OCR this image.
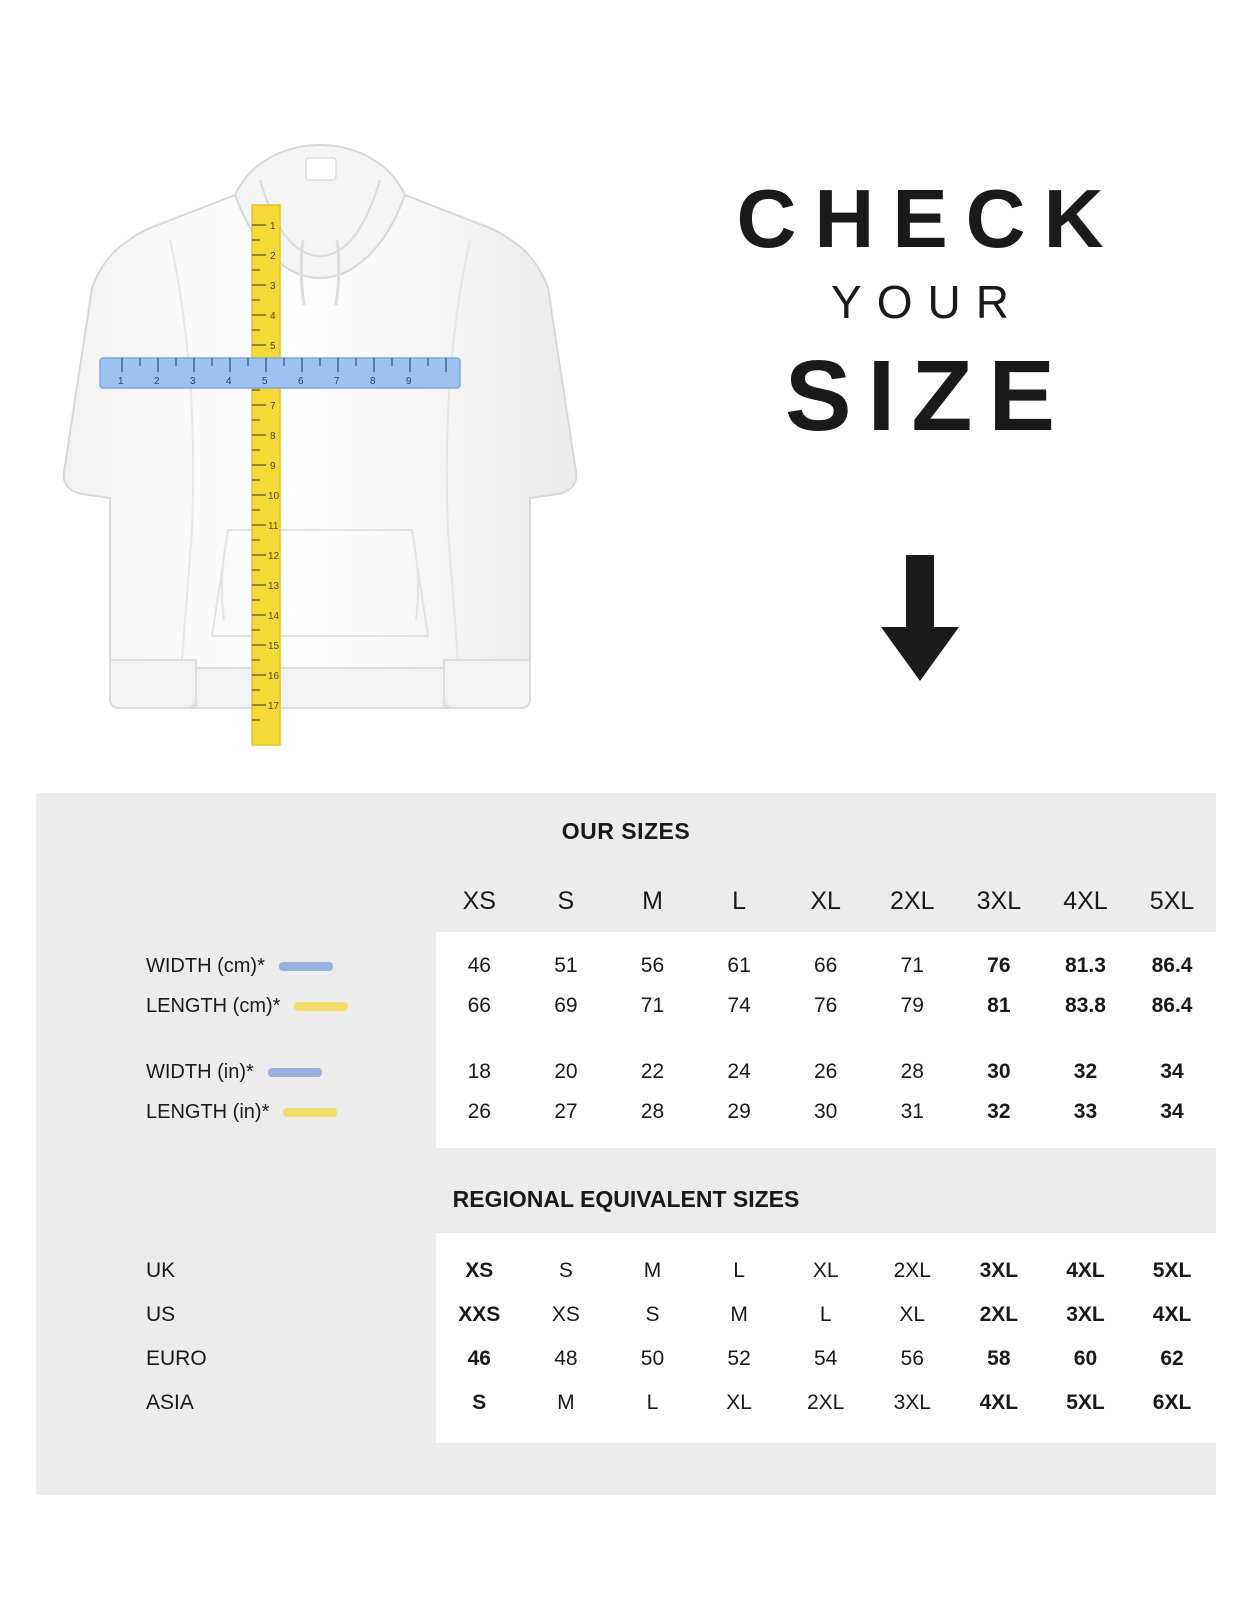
1
2
3
4
5
7
8
9
10
11
12
13
14
15
16
17
1	2	3	4	5	6	7	8	9
CHECK
YOUR
SIZE
OUR SIZES
XS	S	M	L	XL	2XL	3XL	4XL	5XL
WIDTH (cm)*	46	51	56	61	66	71	76	81.3	86.4
LENGTH (cm)*	66	69	71	74	76	79	81	83.8	86.4
WIDTH (in)*	18	20	22	24	26	28	30	32	34
LENGTH (in)*	26	27	28	29	30	31	32	33	34
REGIONAL EQUIVALENT SIZES
UK	XS	S	M	L	XL	2XL	3XL	4XL	5XL
US	XXS	XS	S	M	L	XL	2XL	3XL	4XL
EURO	46	48	50	52	54	56	58	60	62
ASIA	S	M	L	XL	2XL	3XL	4XL	5XL	6XL
